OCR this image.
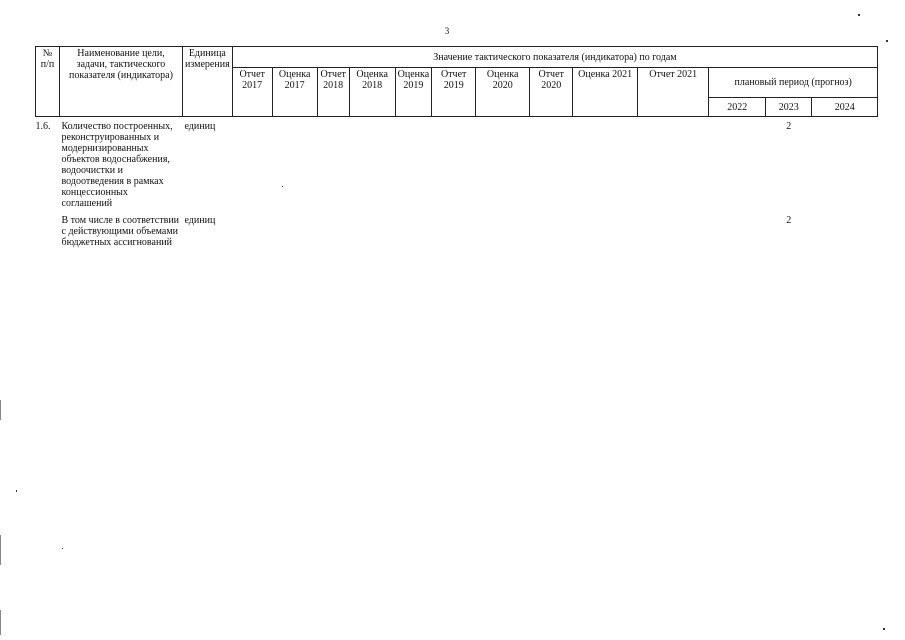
3
№ п/п	Наименование цели, задачи, тактического показателя (индикатора)	Единица измерения	Значение тактического показателя (индикатора) по годам												
			Отчет 2017	Оценка 2017	Отчет 2018	Оценка 2018	Оценка 2019	Отчет 2019	Оценка 2020	Отчет 2020	Оценка 2021	Отчет 2021	плановый период (прогноз)		
													2022	2023	2024
1.6.	Количество построенных, реконструированных и модернизированных объектов водоснабжения, водоочистки и водоотведения в рамках концессионных соглашений	единиц												2	
	В том числе в соответствии с действующими объемами бюджетных ассигнований	единиц												2	
